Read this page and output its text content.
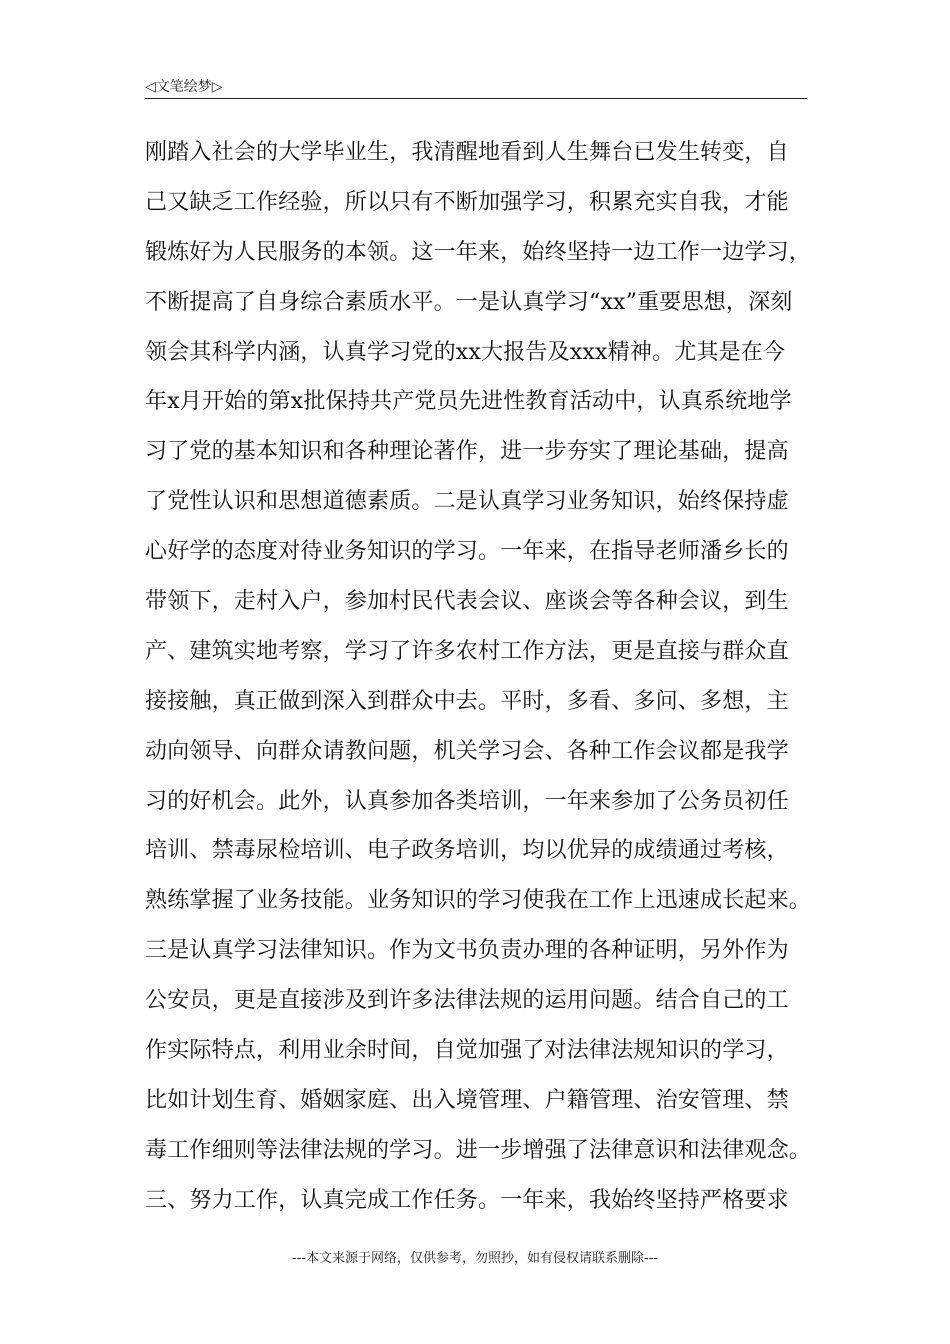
◁文笔绘梦▷
刚踏入社会的大学毕业生，我清醒地看到人生舞台已发生转变，自
己又缺乏工作经验，所以只有不断加强学习，积累充实自我，才能
锻炼好为人民服务的本领。这一年来，始终坚持一边工作一边学习，
不断提高了自身综合素质水平。一是认真学习“xx”重要思想，深刻
领会其科学内涵，认真学习党的xx大报告及xxx精神。尤其是在今
年x月开始的第x批保持共产党员先进性教育活动中，认真系统地学
习了党的基本知识和各种理论著作，进一步夯实了理论基础，提高
了党性认识和思想道德素质。二是认真学习业务知识，始终保持虚
心好学的态度对待业务知识的学习。一年来，在指导老师潘乡长的
带领下，走村入户，参加村民代表会议、座谈会等各种会议，到生
产、建筑实地考察，学习了许多农村工作方法，更是直接与群众直
接接触，真正做到深入到群众中去。平时，多看、多问、多想，主
动向领导、向群众请教问题，机关学习会、各种工作会议都是我学
习的好机会。此外，认真参加各类培训，一年来参加了公务员初任
培训、禁毒尿检培训、电子政务培训，均以优异的成绩通过考核，
熟练掌握了业务技能。业务知识的学习使我在工作上迅速成长起来。
三是认真学习法律知识。作为文书负责办理的各种证明，另外作为
公安员，更是直接涉及到许多法律法规的运用问题。结合自己的工
作实际特点，利用业余时间，自觉加强了对法律法规知识的学习，
比如计划生育、婚姻家庭、出入境管理、户籍管理、治安管理、禁
毒工作细则等法律法规的学习。进一步增强了法律意识和法律观念。
三、努力工作，认真完成工作任务。一年来，我始终坚持严格要求
---本文来源于网络，仅供参考，勿照抄，如有侵权请联系删除---
